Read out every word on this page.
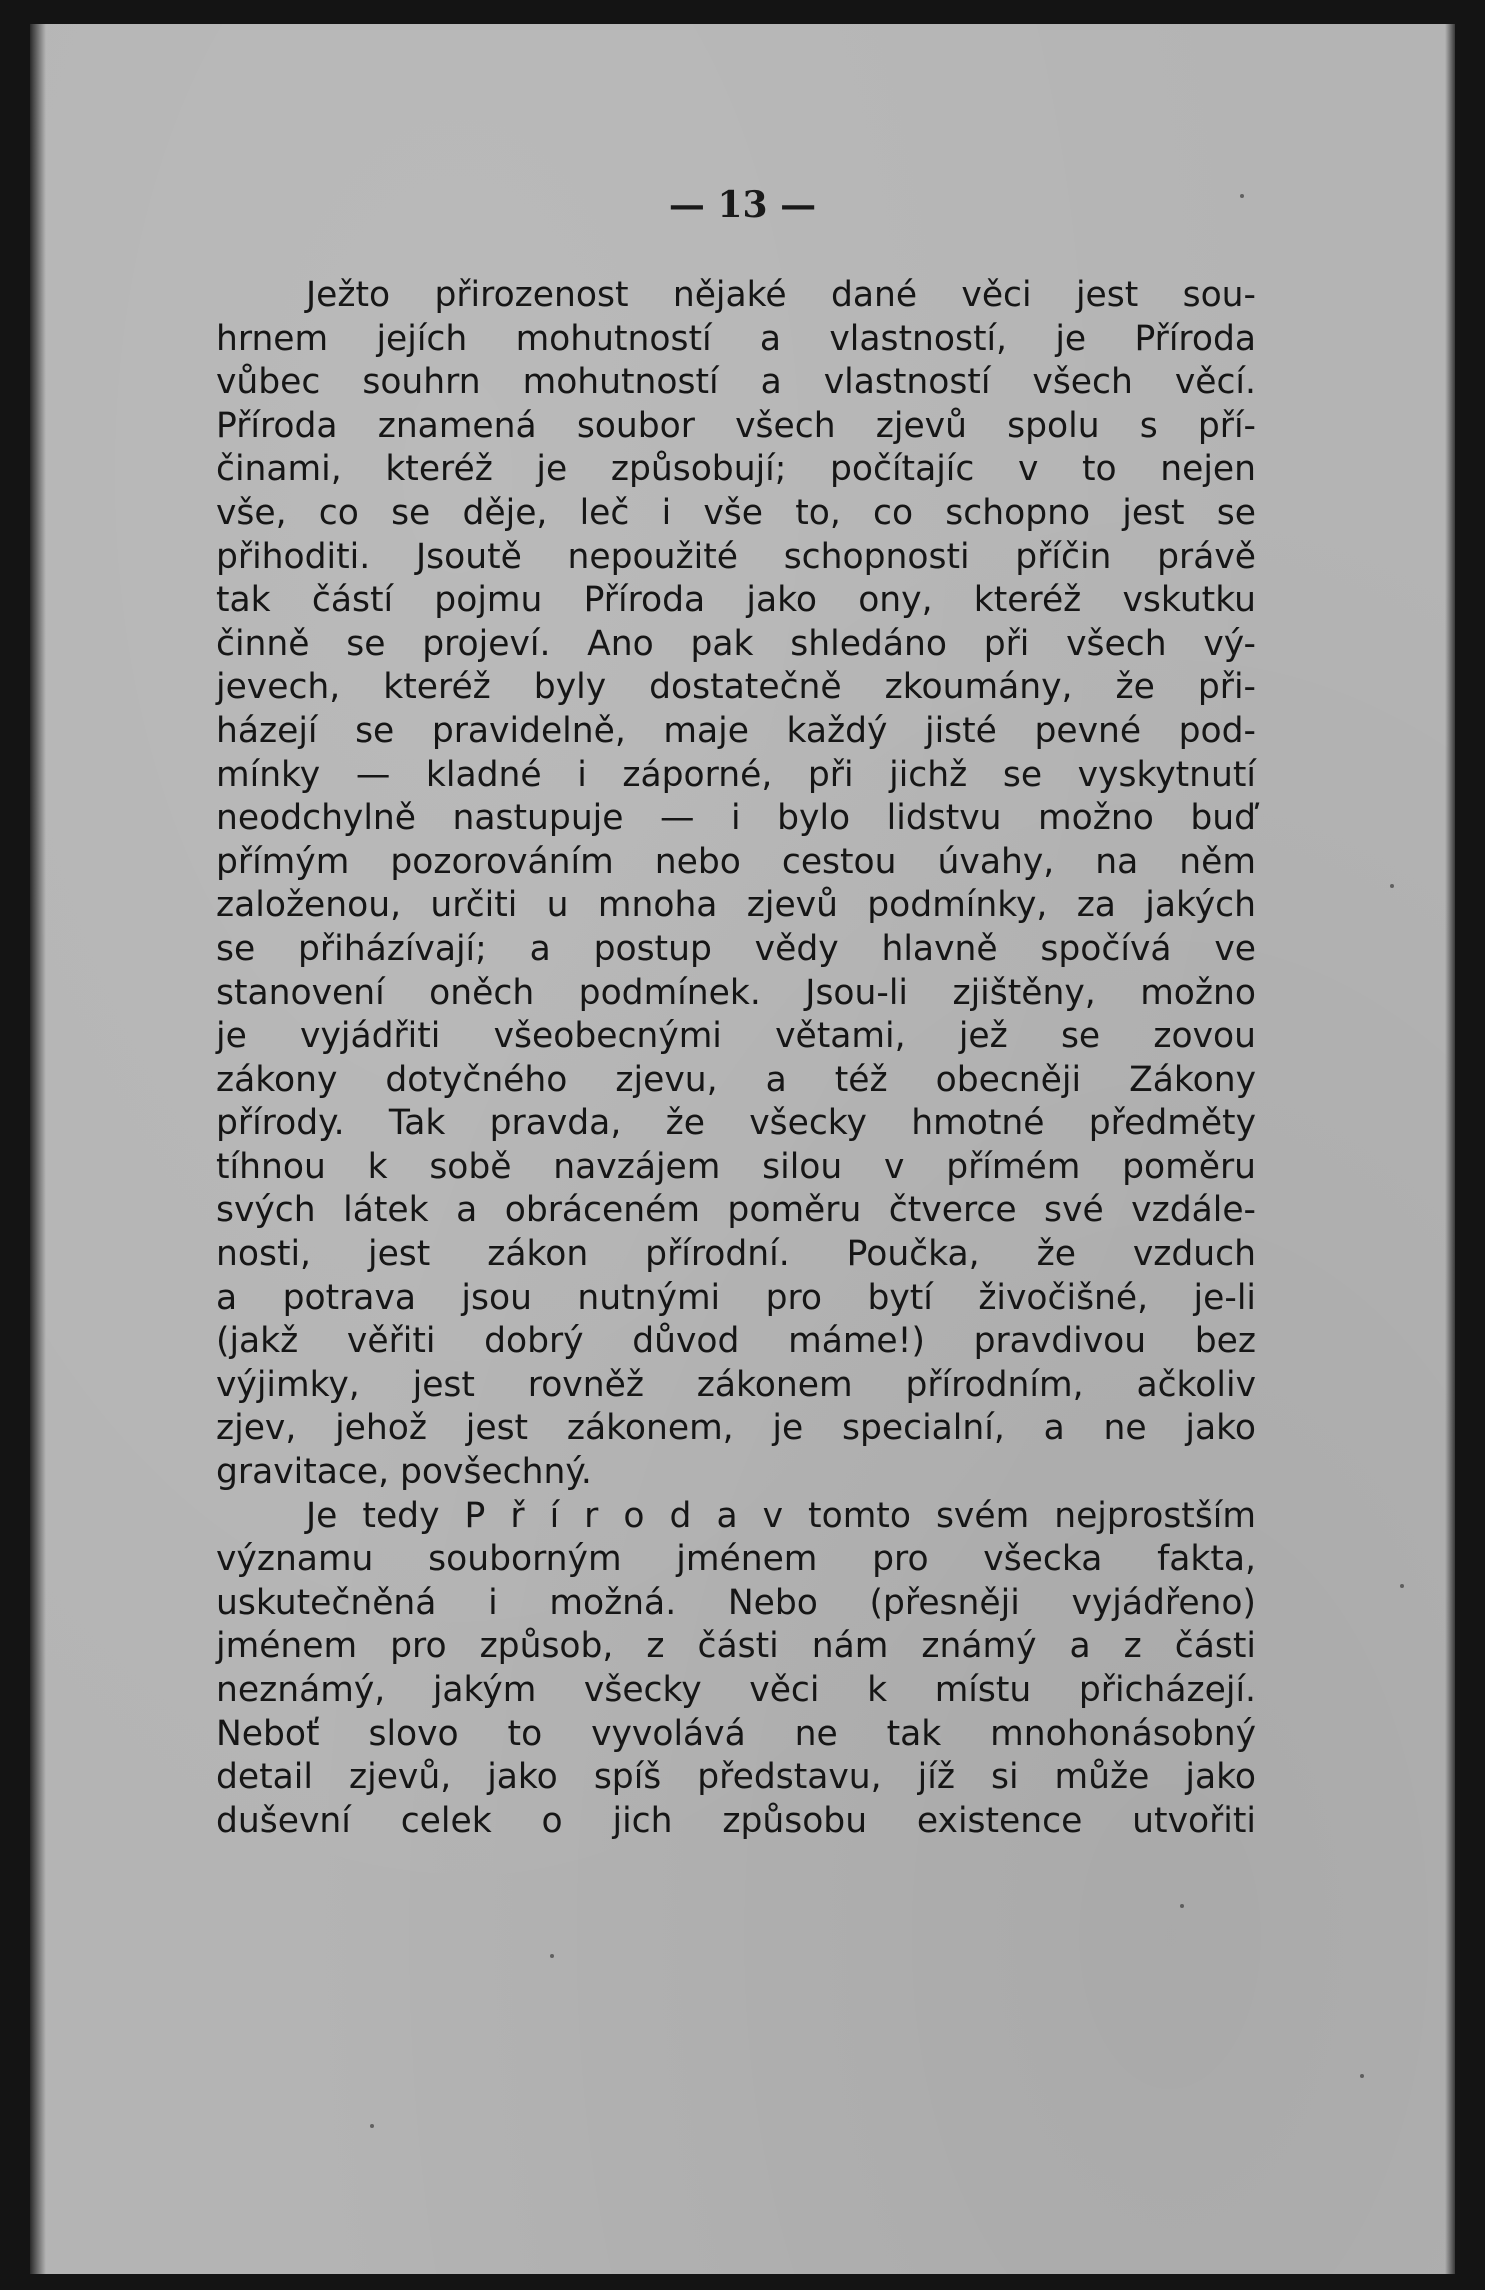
— 13 —

Ježto přirozenost nějaké dané věci jest sou-
hrnem jejích mohutností a vlastností, je Příroda
vůbec souhrn mohutností a vlastností všech věcí.
Příroda znamená soubor všech zjevů spolu s pří-
činami, kteréž je způsobují; počítajíc v to nejen
vše, co se děje, leč i vše to, co schopno jest se
přihoditi. Jsoutě nepoužité schopnosti příčin právě
tak částí pojmu Příroda jako ony, kteréž vskutku
činně se projeví. Ano pak shledáno při všech vý-
jevech, kteréž byly dostatečně zkoumány, že při-
házejí se pravidelně, maje každý jisté pevné pod-
mínky — kladné i záporné, při jichž se vyskytnutí
neodchylně nastupuje — i bylo lidstvu možno buď
přímým pozorováním nebo cestou úvahy, na něm
založenou, určiti u mnoha zjevů podmínky, za jakých
se přiházívají; a postup vědy hlavně spočívá ve
stanovení oněch podmínek. Jsou-li zjištěny, možno
je vyjádřiti všeobecnými větami, jež se zovou
zákony dotyčného zjevu, a též obecněji Zákony
přírody. Tak pravda, že všecky hmotné předměty
tíhnou k sobě navzájem silou v přímém poměru
svých látek a obráceném poměru čtverce své vzdále-
nosti, jest zákon přírodní. Poučka, že vzduch
a potrava jsou nutnými pro bytí živočišné, je-li
(jakž věřiti dobrý důvod máme!) pravdivou bez
výjimky, jest rovněž zákonem přírodním, ačkoliv
zjev, jehož jest zákonem, je specialní, a ne jako
gravitace, povšechný.

Je tedy P ř í r o d a v tomto svém nejprostším
významu souborným jménem pro všecka fakta,
uskutečněná i možná. Nebo (přesněji vyjádřeno)
jménem pro způsob, z části nám známý a z části
neznámý, jakým všecky věci k místu přicházejí.
Neboť slovo to vyvolává ne tak mnohonásobný
detail zjevů, jako spíš představu, jíž si může jako
duševní celek o jich způsobu existence utvořiti
